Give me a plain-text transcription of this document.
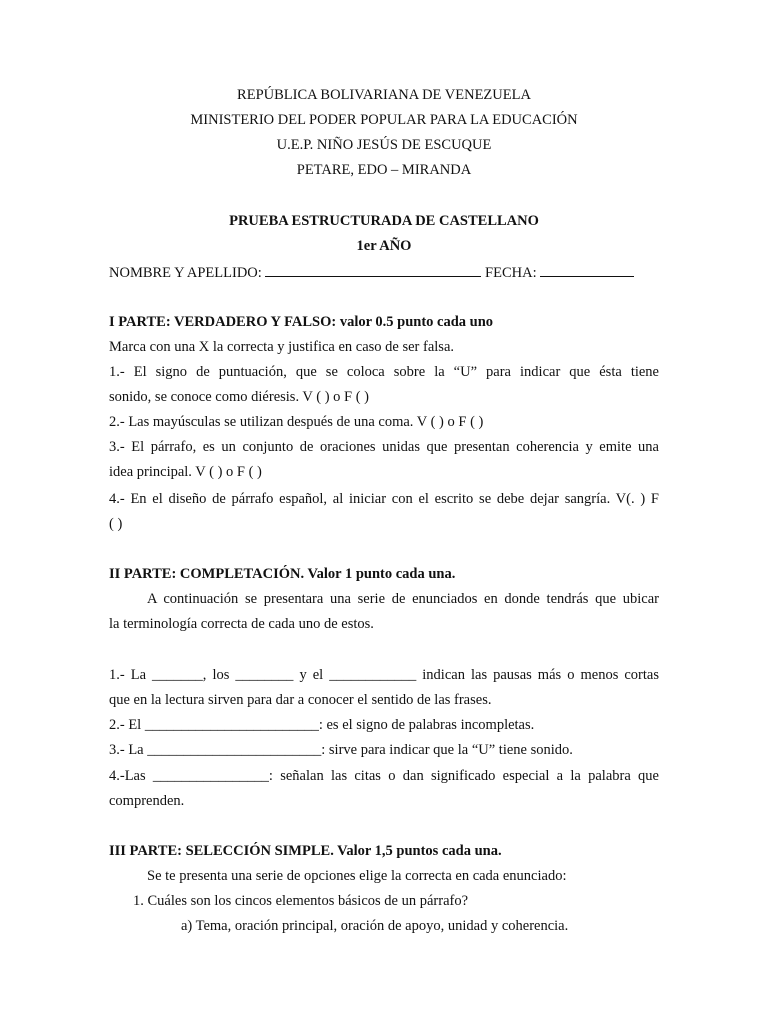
REPÚBLICA BOLIVARIANA DE VENEZUELA
MINISTERIO DEL PODER POPULAR PARA LA EDUCACIÓN
U.E.P. NIÑO JESÚS DE ESCUQUE
PETARE, EDO – MIRANDA
PRUEBA ESTRUCTURADA DE CASTELLANO
1er AÑO
NOMBRE Y APELLIDO:	FECHA:
I PARTE: VERDADERO Y FALSO: valor 0.5 punto cada uno
Marca con una X la correcta y justifica en caso de ser falsa.
1.- El signo de puntuación, que se coloca sobre la “U” para indicar que ésta tiene
sonido, se conoce como diéresis. V ( ) o F ( )
2.- Las mayúsculas se utilizan después de una coma. V ( ) o F ( )
3.- El párrafo, es un conjunto de oraciones unidas que presentan coherencia y emite una
idea principal. V ( ) o F ( )
4.- En el diseño de párrafo español, al iniciar con el escrito se debe dejar sangría. V(. ) F
( )
II PARTE: COMPLETACIÓN. Valor 1 punto cada una.
A continuación se presentara una serie de enunciados en donde tendrás que ubicar
la terminología correcta de cada uno de estos.
1.- La _______, los ________ y el ____________ indican las pausas más o menos cortas
que en la lectura sirven para dar a conocer el sentido de las frases.
2.- El ________________________: es el signo de palabras incompletas.
3.- La ________________________: sirve para indicar que la “U” tiene sonido.
4.-Las ________________: señalan las citas o dan significado especial a la palabra que
comprenden.
III PARTE: SELECCIÓN SIMPLE. Valor 1,5 puntos cada una.
Se te presenta una serie de opciones elige la correcta en cada enunciado:
1. Cuáles son los cincos elementos básicos de un párrafo?
a) Tema, oración principal, oración de apoyo, unidad y coherencia.
